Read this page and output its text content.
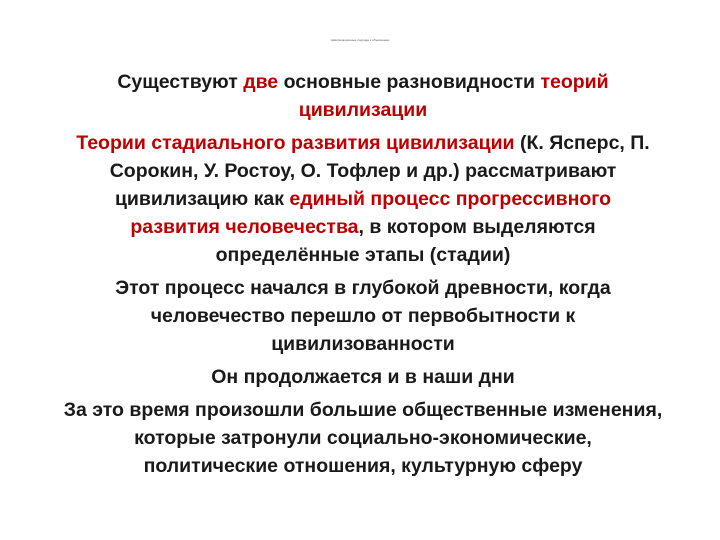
Цивилизационные подходы к объяснению
Существуют две основные разновидности теорий
цивилизации
Теории стадиального развития цивилизации (К. Ясперс, П.
Сорокин, У. Ростоу, О. Тофлер и др.) рассматривают
цивилизацию как единый процесс прогрессивного
развития человечества, в котором выделяются
определённые этапы (стадии)
Этот процесс начался в глубокой древности, когда
человечество перешло от первобытности к
цивилизованности
Он продолжается и в наши дни
За это время произошли большие общественные изменения,
которые затронули социально-экономические,
политические отношения, культурную сферу
